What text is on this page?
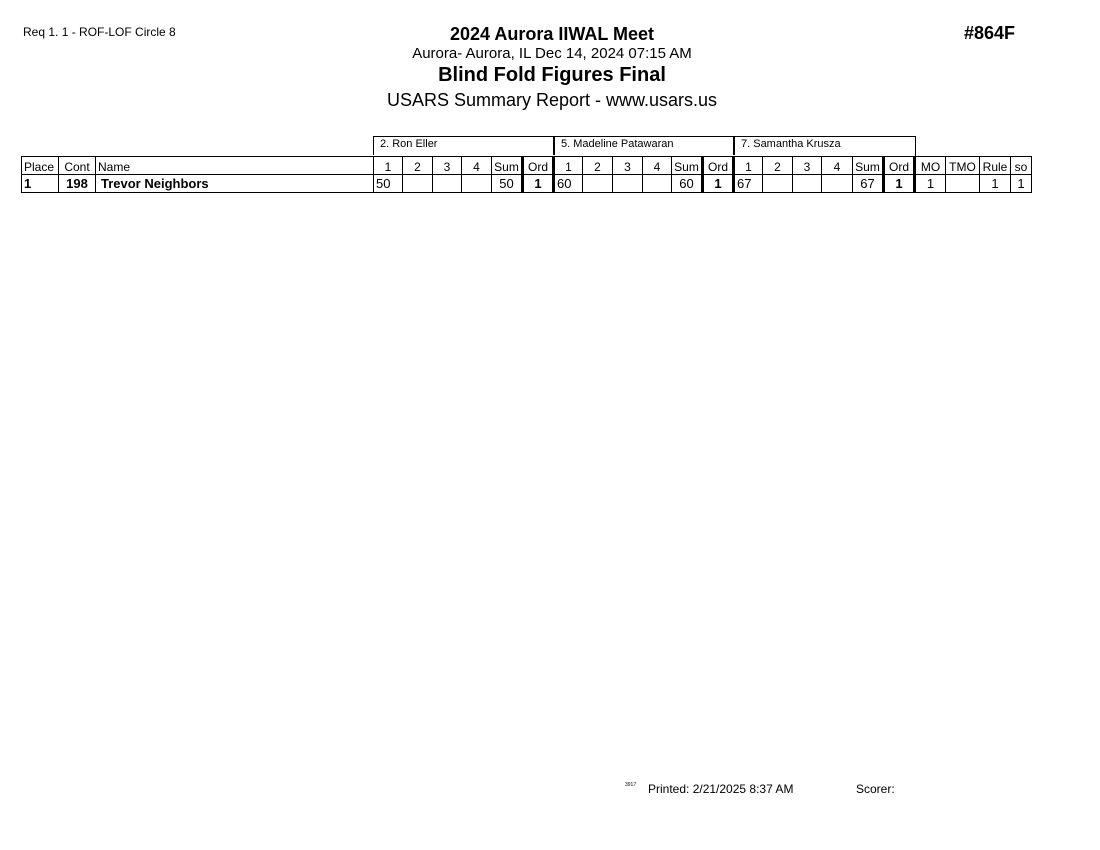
Req 1. 1 - ROF-LOF Circle 8	#864F
2024 Aurora IIWAL Meet
Aurora- Aurora, IL Dec 14, 2024 07:15 AM
Blind Fold Figures Final
USARS Summary Report - www.usars.us
2. Ron Eller	5. Madeline Patawaran	7. Samantha Krusza
Place	Cont	Name	1	2	3	4	Sum	Ord	1	2	3	4	Sum	Ord	1	2	3	4	Sum	Ord	MO	TMO	Rule	so
1	198	Trevor Neighbors	50				50	1	60				60	1	67				67	1	1		1	1
3917 Printed: 2/21/2025 8:37 AM	Scorer:
